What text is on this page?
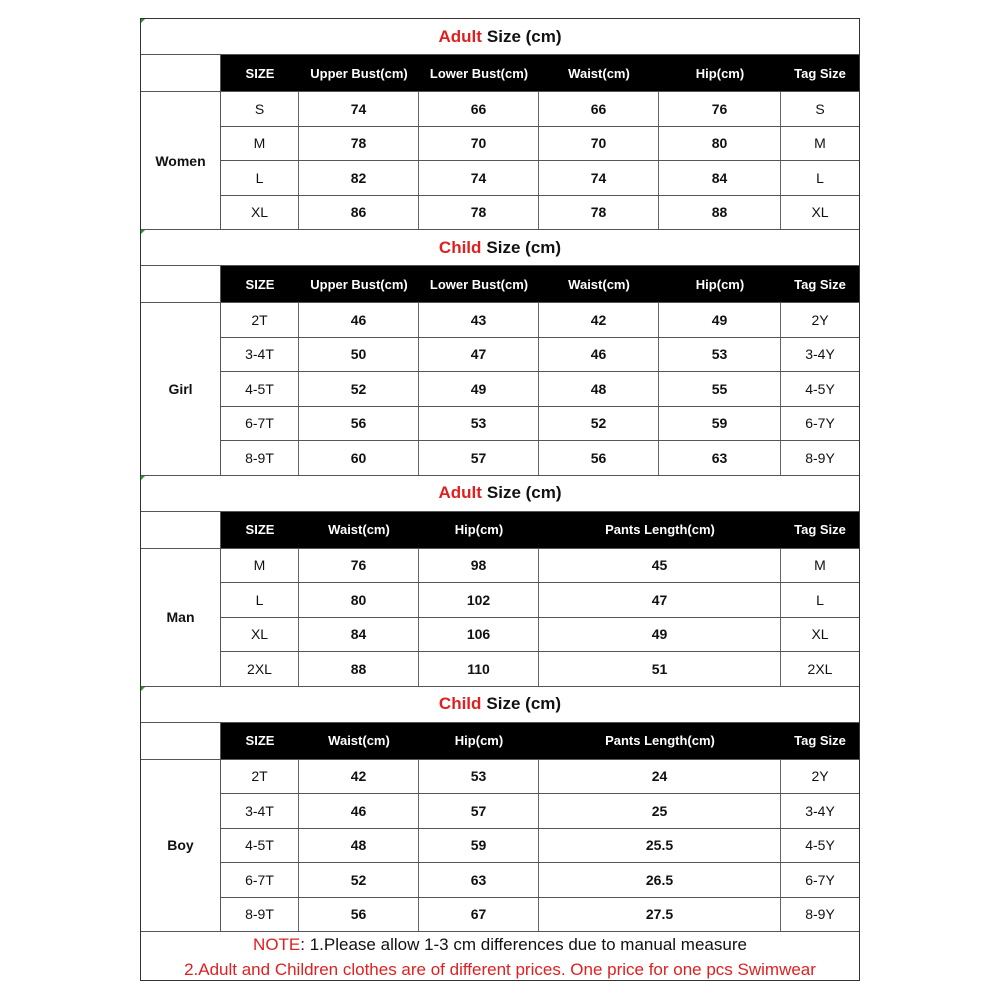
Adult Size (cm)
SIZE	Upper Bust(cm)	Lower Bust(cm)	Waist(cm)	Hip(cm)	Tag Size
S	74	66	66	76	S
M	78	70	70	80	M
L	82	74	74	84	L
XL	86	78	78	88	XL
Women
Child Size (cm)
SIZE	Upper Bust(cm)	Lower Bust(cm)	Waist(cm)	Hip(cm)	Tag Size
2T	46	43	42	49	2Y
3-4T	50	47	46	53	3-4Y
4-5T	52	49	48	55	4-5Y
6-7T	56	53	52	59	6-7Y
8-9T	60	57	56	63	8-9Y
Girl
Adult Size (cm)
SIZE	Waist(cm)	Hip(cm)	Pants Length(cm)	Tag Size
M	76	98	45	M
L	80	102	47	L
XL	84	106	49	XL
2XL	88	110	51	2XL
Man
Child Size (cm)
SIZE	Waist(cm)	Hip(cm)	Pants Length(cm)	Tag Size
2T	42	53	24	2Y
3-4T	46	57	25	3-4Y
4-5T	48	59	25.5	4-5Y
6-7T	52	63	26.5	6-7Y
8-9T	56	67	27.5	8-9Y
Boy
NOTE: 1.Please allow 1-3 cm differences due to manual measure
2.Adult and Children clothes are of different prices. One price for one pcs Swimwear
